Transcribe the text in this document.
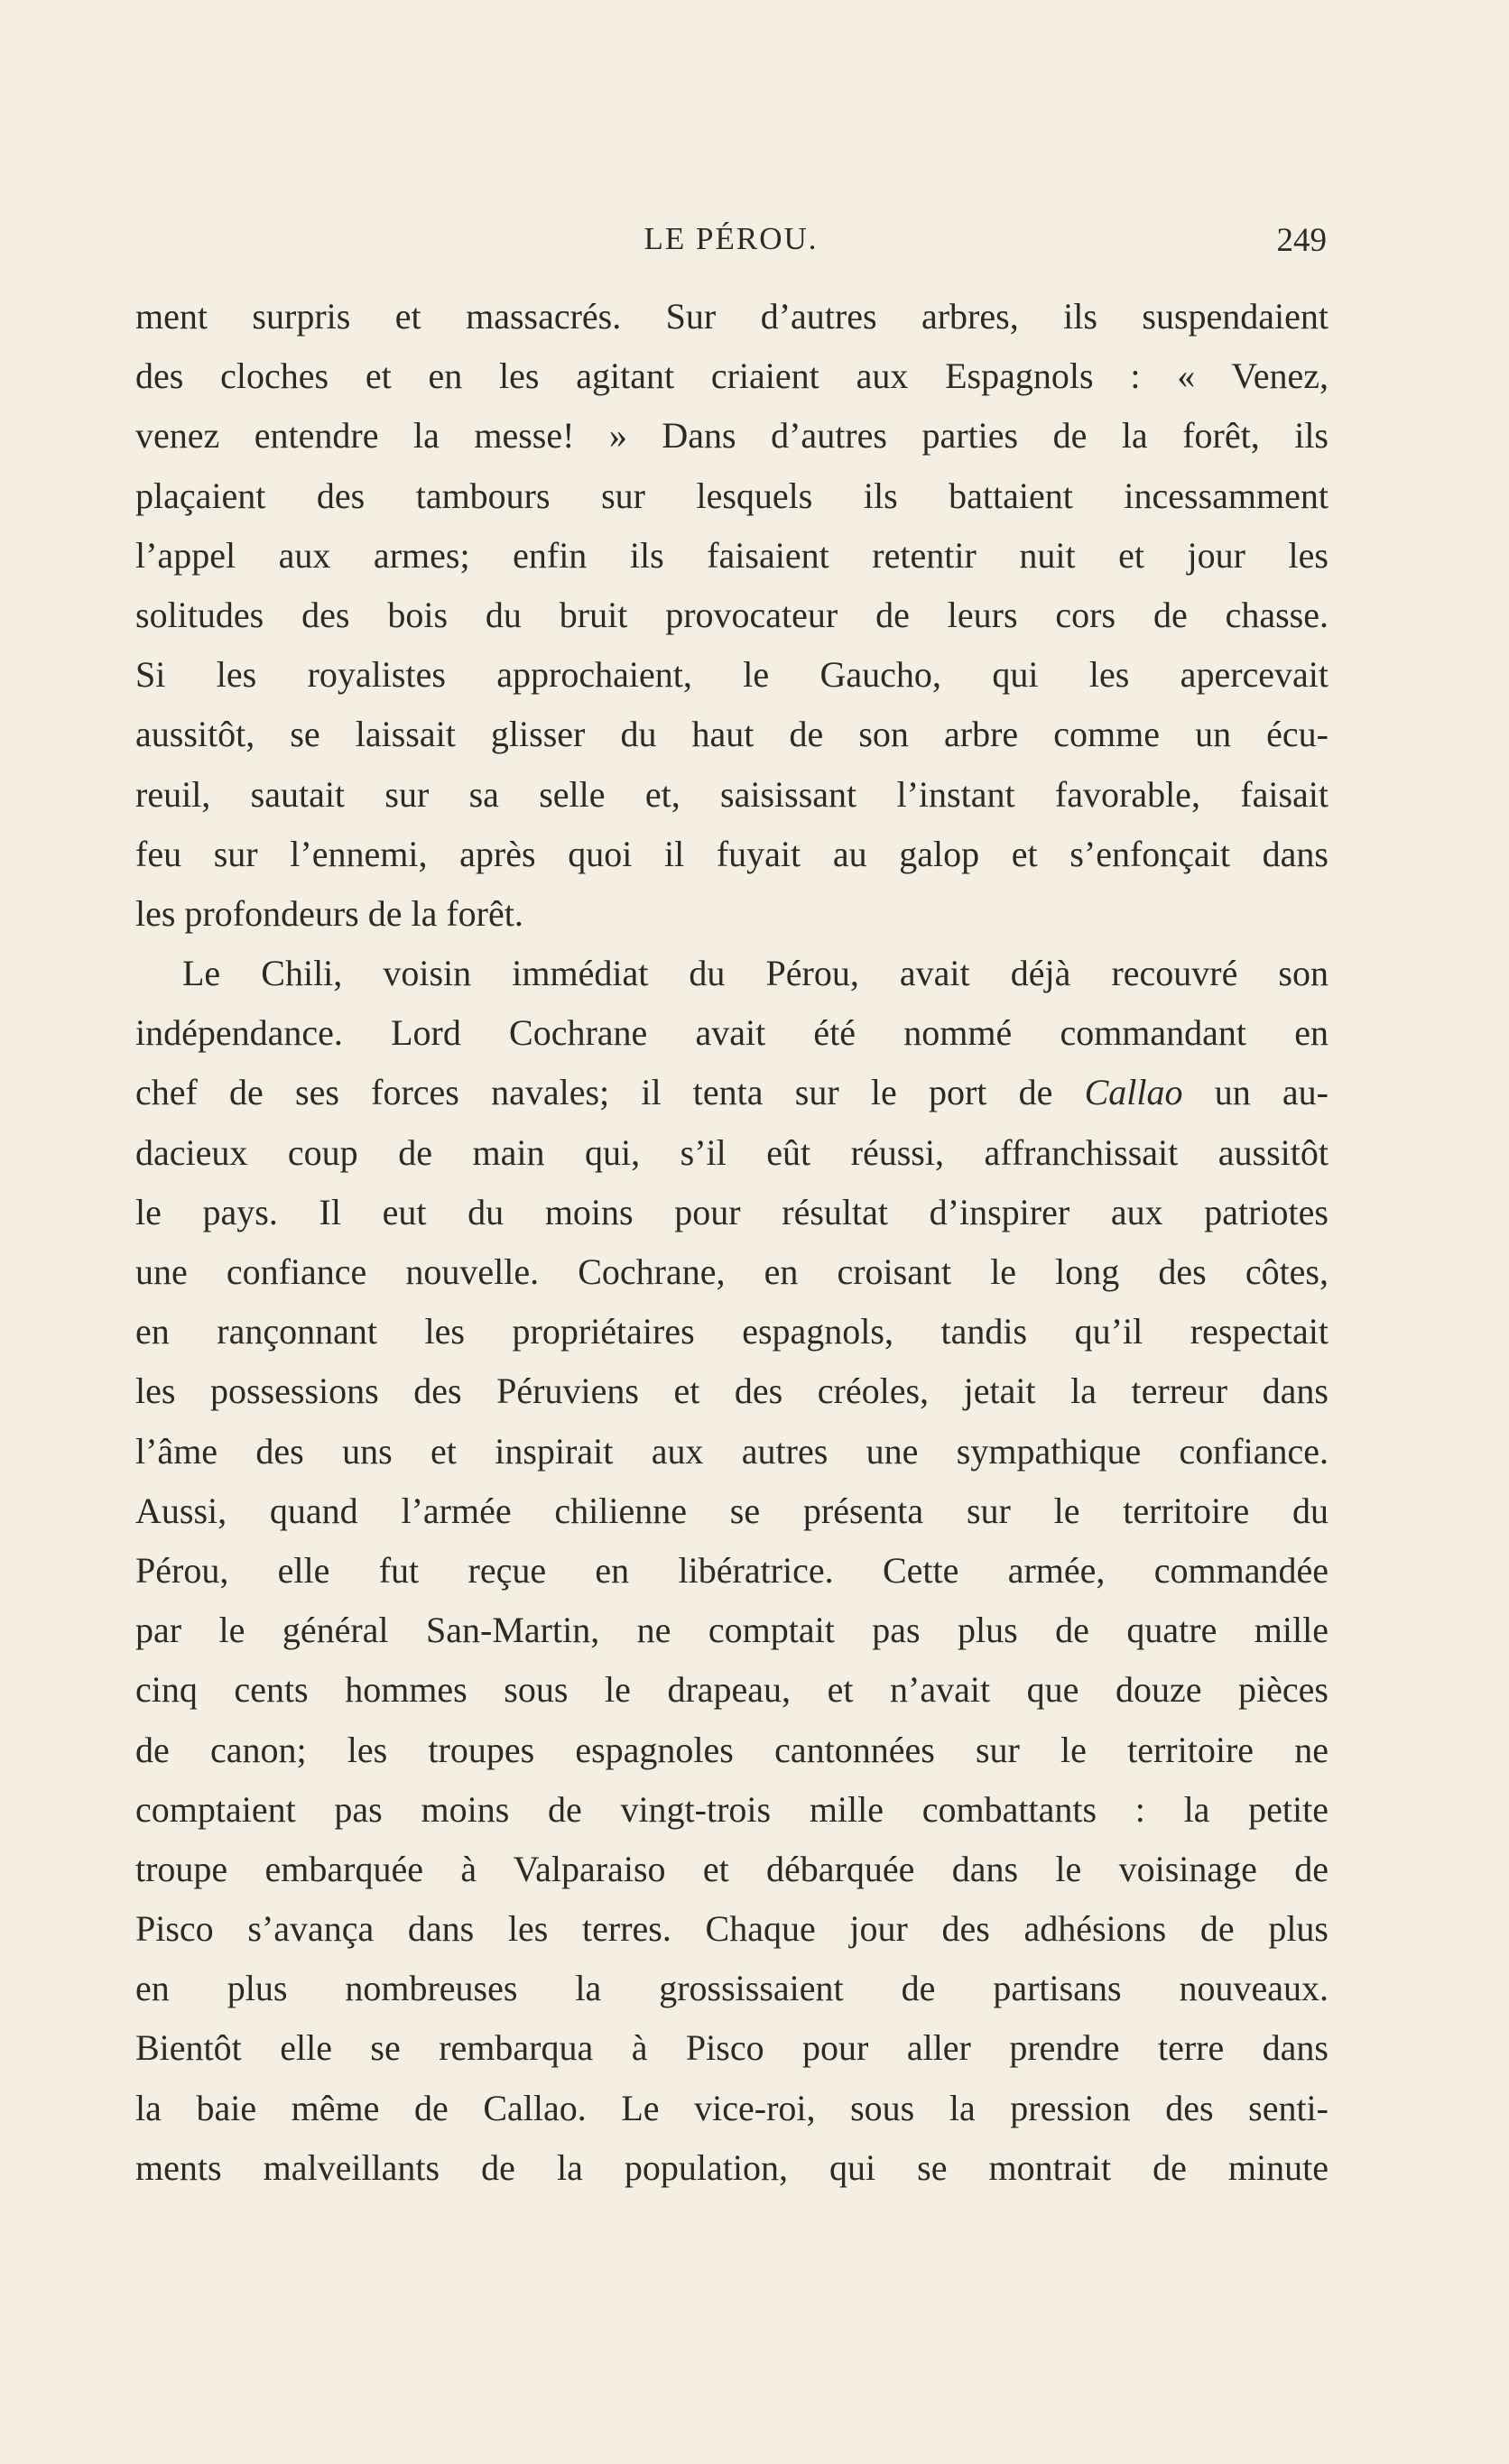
LE PÉROU.	249
ment surpris et massacrés. Sur d’autres arbres, ils suspendaient
des cloches et en les agitant criaient aux Espagnols : « Venez,
venez entendre la messe! » Dans d’autres parties de la forêt, ils
plaçaient des tambours sur lesquels ils battaient incessamment
l’appel aux armes; enfin ils faisaient retentir nuit et jour les
solitudes des bois du bruit provocateur de leurs cors de chasse.
Si les royalistes approchaient, le Gaucho, qui les apercevait
aussitôt, se laissait glisser du haut de son arbre comme un écu-
reuil, sautait sur sa selle et, saisissant l’instant favorable, faisait
feu sur l’ennemi, après quoi il fuyait au galop et s’enfonçait dans
les profondeurs de la forêt.
Le Chili, voisin immédiat du Pérou, avait déjà recouvré son
indépendance. Lord Cochrane avait été nommé commandant en
chef de ses forces navales; il tenta sur le port de Callao un au-
dacieux coup de main qui, s’il eût réussi, affranchissait aussitôt
le pays. Il eut du moins pour résultat d’inspirer aux patriotes
une confiance nouvelle. Cochrane, en croisant le long des côtes,
en rançonnant les propriétaires espagnols, tandis qu’il respectait
les possessions des Péruviens et des créoles, jetait la terreur dans
l’âme des uns et inspirait aux autres une sympathique confiance.
Aussi, quand l’armée chilienne se présenta sur le territoire du
Pérou, elle fut reçue en libératrice. Cette armée, commandée
par le général San-Martin, ne comptait pas plus de quatre mille
cinq cents hommes sous le drapeau, et n’avait que douze pièces
de canon; les troupes espagnoles cantonnées sur le territoire ne
comptaient pas moins de vingt-trois mille combattants : la petite
troupe embarquée à Valparaiso et débarquée dans le voisinage de
Pisco s’avança dans les terres. Chaque jour des adhésions de plus
en plus nombreuses la grossissaient de partisans nouveaux.
Bientôt elle se rembarqua à Pisco pour aller prendre terre dans
la baie même de Callao. Le vice-roi, sous la pression des senti-
ments malveillants de la population, qui se montrait de minute
